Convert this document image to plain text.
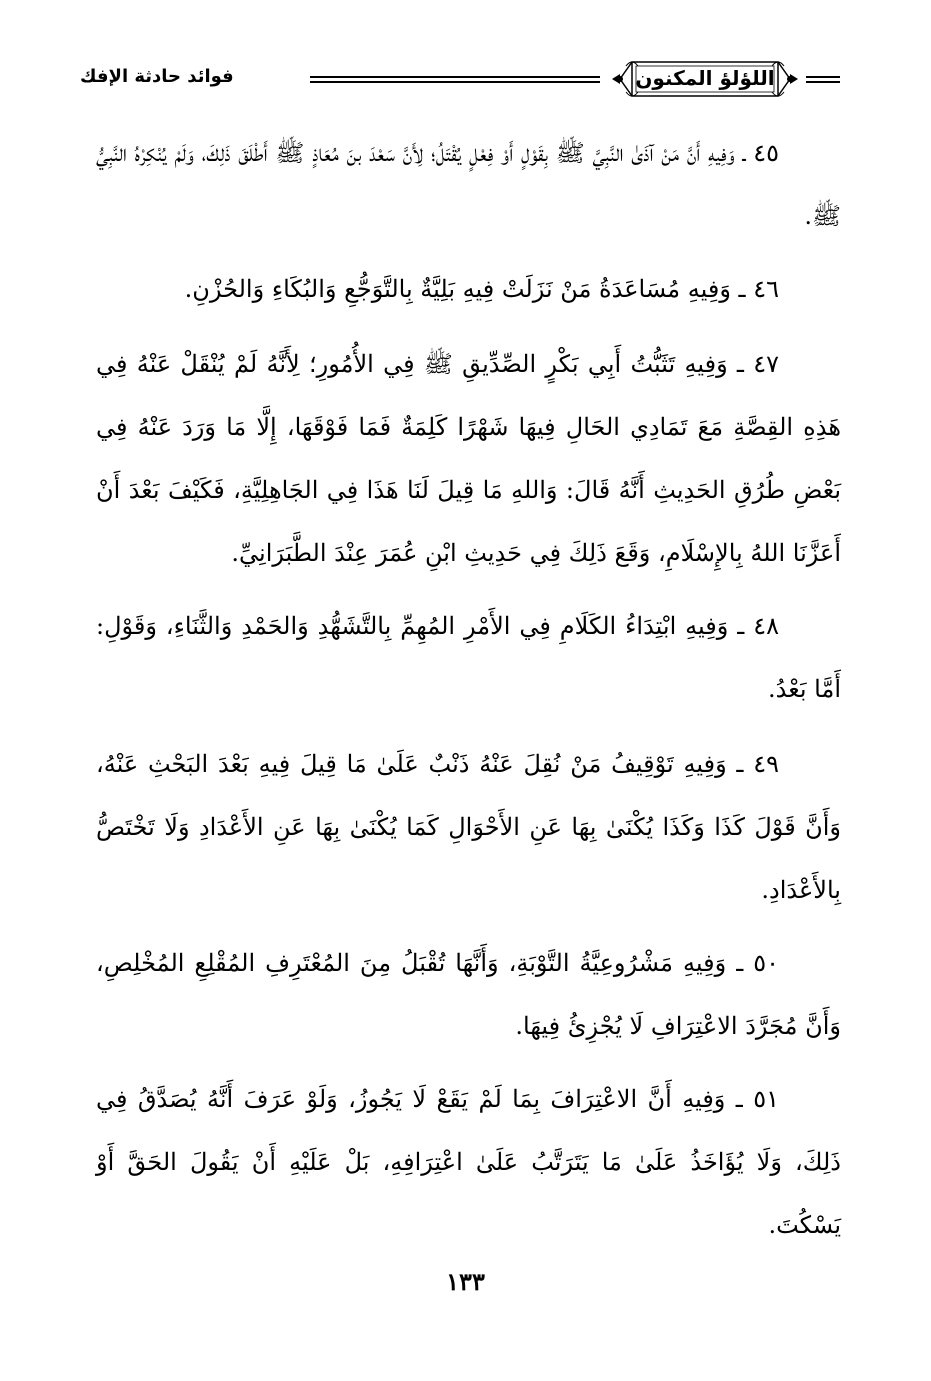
اللؤلؤ المكنون
فوائد حادثة الإفك

٤٥ ـ وَفِيهِ أَنَّ مَنْ آذَىٰ النَّبِيَّ ﷺ بِقَوْلٍ أَوْ فِعْلٍ يُقْتَلُ؛ لِأَنَّ سَعْدَ بنَ مُعَاذٍ ﷺ أَطْلَقَ ذَلِكَ، وَلَمْ يُنْكِرْهُ النَّبِيُّ ﷺ.

٤٦ ـ وَفِيهِ مُسَاعَدَةُ مَنْ نَزَلَتْ فِيهِ بَلِيَّةٌ بِالتَّوَجُّعِ وَالبُكَاءِ وَالحُزْنِ.

٤٧ ـ وَفِيهِ تَثَبُّتُ أَبِي بَكْرٍ الصِّدِّيقِ ﷺ فِي الأُمُورِ؛ لِأَنَّهُ لَمْ يُنْقَلْ عَنْهُ فِي هَذِهِ القِصَّةِ مَعَ تَمَادِي الحَالِ فِيهَا شَهْرًا كَلِمَةٌ فَمَا فَوْقَهَا، إِلَّا مَا وَرَدَ عَنْهُ فِي بَعْضِ طُرُقِ الحَدِيثِ أَنَّهُ قَالَ: وَاللهِ مَا قِيلَ لَنَا هَذَا فِي الجَاهِلِيَّةِ، فَكَيْفَ بَعْدَ أَنْ أَعَزَّنَا اللهُ بِالإِسْلَامِ، وَقَعَ ذَلِكَ فِي حَدِيثِ ابْنِ عُمَرَ عِنْدَ الطَّبَرَانِيِّ.

٤٨ ـ وَفِيهِ ابْتِدَاءُ الكَلَامِ فِي الأَمْرِ المُهِمِّ بِالتَّشَهُّدِ وَالحَمْدِ وَالثَّنَاءِ، وَقَوْلِ: أَمَّا بَعْدُ.

٤٩ ـ وَفِيهِ تَوْقِيفُ مَنْ نُقِلَ عَنْهُ ذَنْبٌ عَلَىٰ مَا قِيلَ فِيهِ بَعْدَ البَحْثِ عَنْهُ، وَأَنَّ قَوْلَ كَذَا وَكَذَا يُكْنَىٰ بِهَا عَنِ الأَحْوَالِ كَمَا يُكْنَىٰ بِهَا عَنِ الأَعْدَادِ وَلَا تَخْتَصُّ بِالأَعْدَادِ.

٥٠ ـ وَفِيهِ مَشْرُوعِيَّةُ التَّوْبَةِ، وَأَنَّهَا تُقْبَلُ مِنَ المُعْتَرِفِ المُقْلِعِ المُخْلِصِ، وَأَنَّ مُجَرَّدَ الاعْتِرَافِ لَا يُجْزِئُ فِيهَا.

٥١ ـ وَفِيهِ أَنَّ الاعْتِرَافَ بِمَا لَمْ يَقَعْ لَا يَجُوزُ، وَلَوْ عَرَفَ أَنَّهُ يُصَدَّقُ فِي ذَلِكَ، وَلَا يُؤَاخَذُ عَلَىٰ مَا يَتَرَتَّبُ عَلَىٰ اعْتِرَافِهِ، بَلْ عَلَيْهِ أَنْ يَقُولَ الحَقَّ أَوْ يَسْكُتَ.

١٣٣
